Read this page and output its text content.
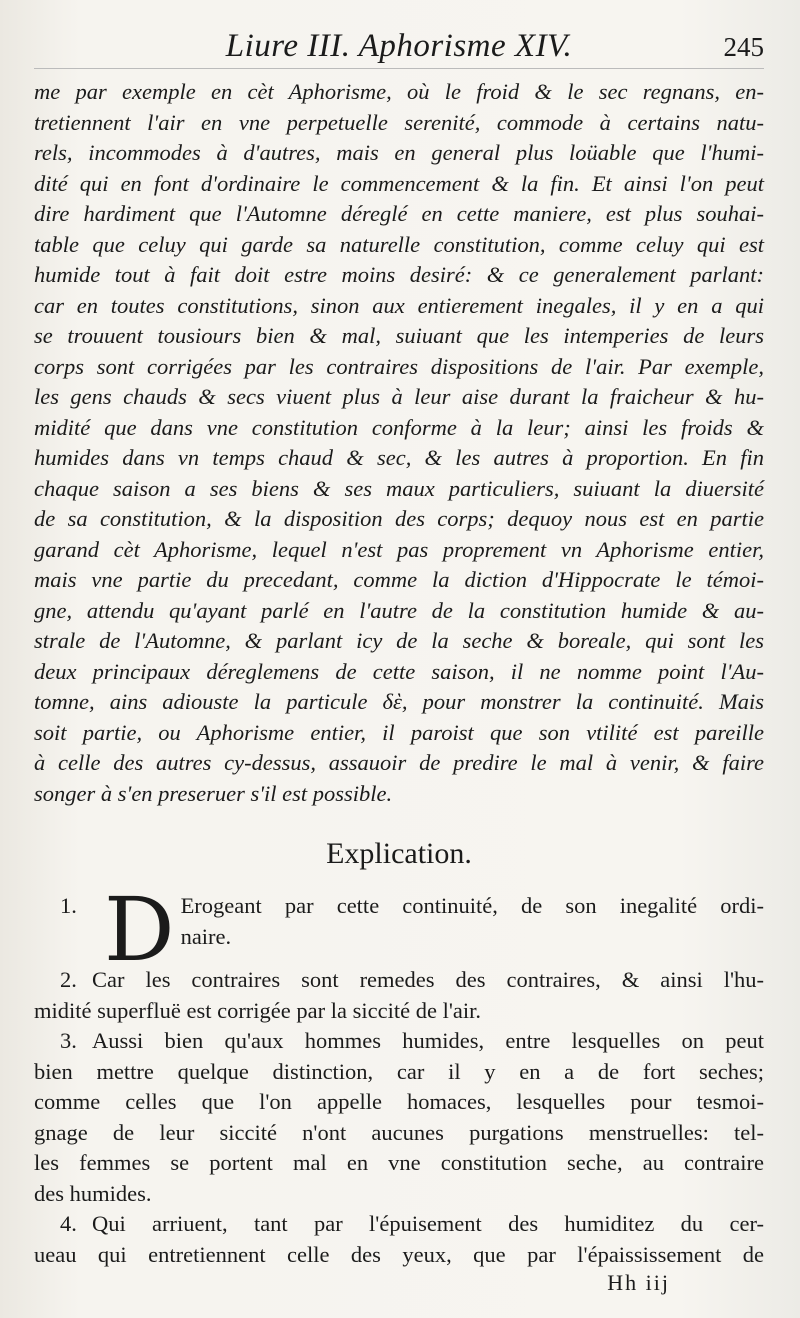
Liure III. Aphorisme XIV.	245
me par exemple en cèt Aphorisme, où le froid & le sec regnans, en-
tretiennent l'air en vne perpetuelle serenité, commode à certains natu-
rels, incommodes à d'autres, mais en general plus loüable que l'humi-
dité qui en font d'ordinaire le commencement & la fin. Et ainsi l'on peut
dire hardiment que l'Automne déreglé en cette maniere, est plus souhai-
table que celuy qui garde sa naturelle constitution, comme celuy qui est
humide tout à fait doit estre moins desiré: & ce generalement parlant:
car en toutes constitutions, sinon aux entierement inegales, il y en a qui
se trouuent tousiours bien & mal, suiuant que les intemperies de leurs
corps sont corrigées par les contraires dispositions de l'air. Par exemple,
les gens chauds & secs viuent plus à leur aise durant la fraicheur & hu-
midité que dans vne constitution conforme à la leur; ainsi les froids &
humides dans vn temps chaud & sec, & les autres à proportion. En fin
chaque saison a ses biens & ses maux particuliers, suiuant la diuersité
de sa constitution, & la disposition des corps; dequoy nous est en partie
garand cèt Aphorisme, lequel n'est pas proprement vn Aphorisme entier,
mais vne partie du precedant, comme la diction d'Hippocrate le témoi-
gne, attendu qu'ayant parlé en l'autre de la constitution humide & au-
strale de l'Automne, & parlant icy de la seche & boreale, qui sont les
deux principaux déreglemens de cette saison, il ne nomme point l'Au-
tomne, ains adiouste la particule δὲ, pour monstrer la continuité. Mais
soit partie, ou Aphorisme entier, il paroist que son vtilité est pareille
à celle des autres cy-dessus, assauoir de predire le mal à venir, & faire
songer à s'en preseruer s'il est possible.
Explication.
1. D Erogeant par cette continuité, de son inegalité ordi-
naire.
2. Car les contraires sont remedes des contraires, & ainsi l'hu-
midité superfluë est corrigée par la siccité de l'air.
3. Aussi bien qu'aux hommes humides, entre lesquelles on peut
bien mettre quelque distinction, car il y en a de fort seches;
comme celles que l'on appelle homaces, lesquelles pour tesmoi-
gnage de leur siccité n'ont aucunes purgations menstruelles: tel-
les femmes se portent mal en vne constitution seche, au contraire
des humides.
4. Qui arriuent, tant par l'épuisement des humiditez du cer-
ueau qui entretiennent celle des yeux, que par l'épaississement de
Hh iij
